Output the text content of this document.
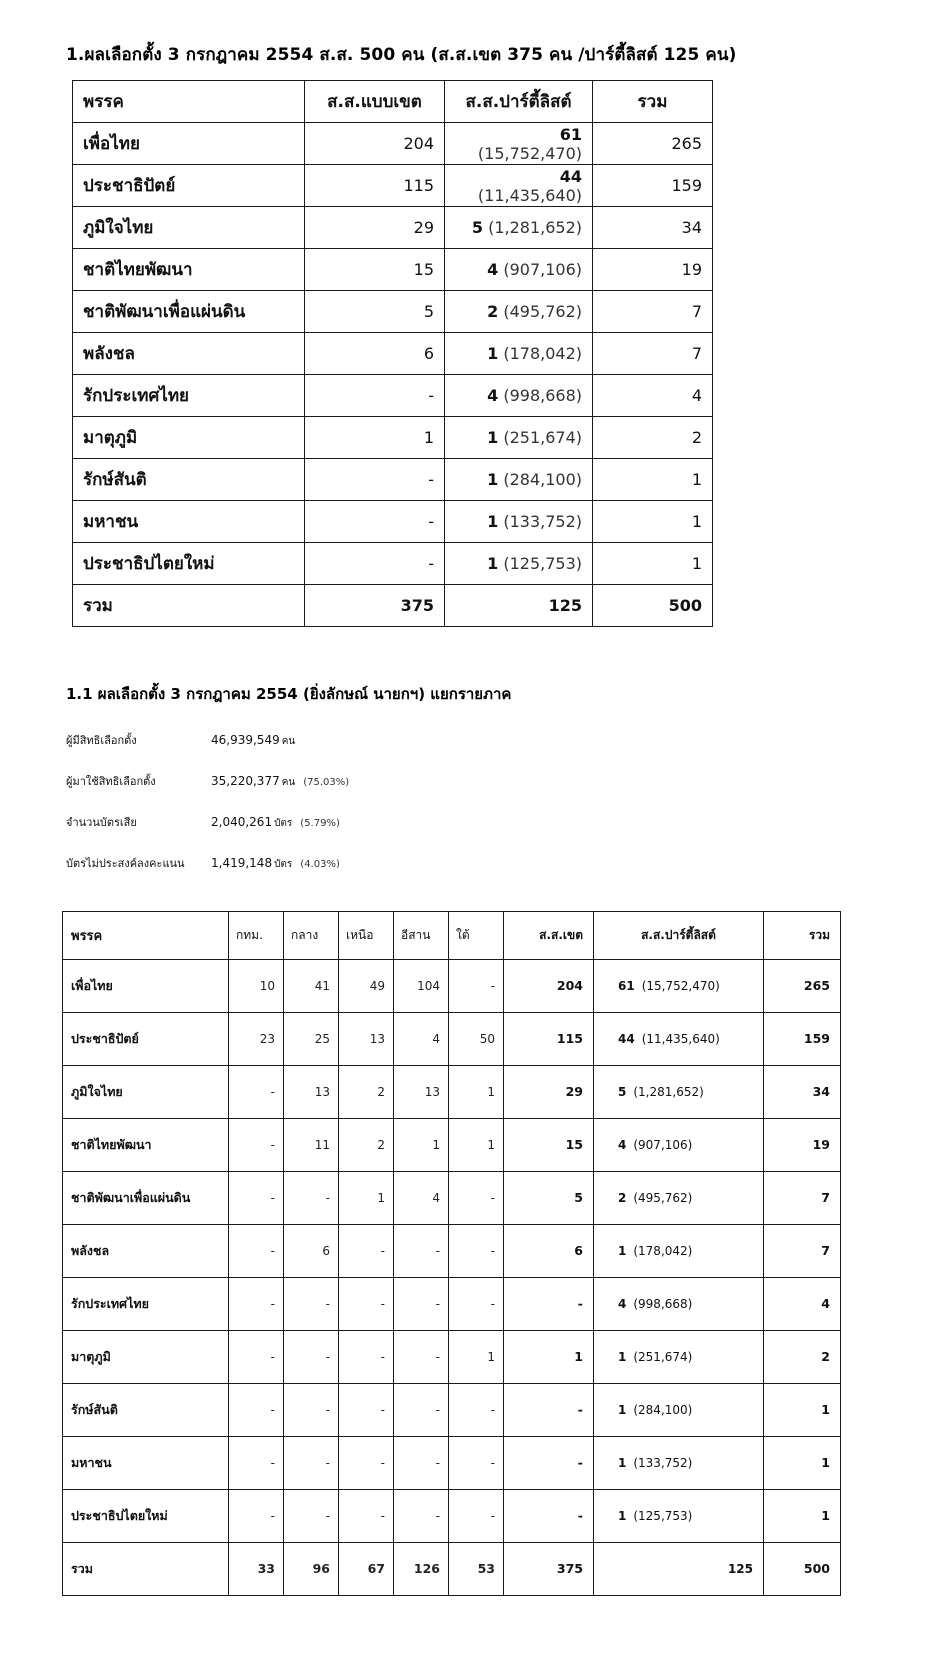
1.ผลเลือกตั้ง 3 กรกฎาคม 2554 ส.ส. 500 คน (ส.ส.เขต 375 คน /ปาร์ตี้ลิสต์ 125 คน)
พรรค	ส.ส.แบบเขต	ส.ส.ปาร์ตี้ลิสต์	รวม
เพื่อไทย	204	61 (15,752,470)	265
ประชาธิปัตย์	115	44 (11,435,640)	159
ภูมิใจไทย	29	5 (1,281,652)	34
ชาติไทยพัฒนา	15	4 (907,106)	19
ชาติพัฒนาเพื่อแผ่นดิน	5	2 (495,762)	7
พลังชล	6	1 (178,042)	7
รักประเทศไทย	-	4 (998,668)	4
มาตุภูมิ	1	1 (251,674)	2
รักษ์สันติ	-	1 (284,100)	1
มหาชน	-	1 (133,752)	1
ประชาธิปไตยใหม่	-	1 (125,753)	1
รวม	375	125	500
1.1 ผลเลือกตั้ง 3 กรกฎาคม 2554 (ยิ่งลักษณ์ นายกฯ) แยกรายภาค
ผู้มีสิทธิเลือกตั้ง	46,939,549 คน
ผู้มาใช้สิทธิเลือกตั้ง	35,220,377 คน (75.03%)
จำนวนบัตรเสีย	2,040,261 บัตร (5.79%)
บัตรไม่ประสงค์ลงคะแนน	1,419,148 บัตร (4.03%)
พรรค	กทม.	กลาง	เหนือ	อีสาน	ใต้	ส.ส.เขต	ส.ส.ปาร์ตี้ลิสต์	รวม
เพื่อไทย	10	41	49	104	-	204	61 (15,752,470)	265
ประชาธิปัตย์	23	25	13	4	50	115	44 (11,435,640)	159
ภูมิใจไทย	-	13	2	13	1	29	5 (1,281,652)	34
ชาติไทยพัฒนา	-	11	2	1	1	15	4 (907,106)	19
ชาติพัฒนาเพื่อแผ่นดิน	-	-	1	4	-	5	2 (495,762)	7
พลังชล	-	6	-	-	-	6	1 (178,042)	7
รักประเทศไทย	-	-	-	-	-	-	4 (998,668)	4
มาตุภูมิ	-	-	-	-	1	1	1 (251,674)	2
รักษ์สันติ	-	-	-	-	-	-	1 (284,100)	1
มหาชน	-	-	-	-	-	-	1 (133,752)	1
ประชาธิปไตยใหม่	-	-	-	-	-	-	1 (125,753)	1
รวม	33	96	67	126	53	375	125	500
